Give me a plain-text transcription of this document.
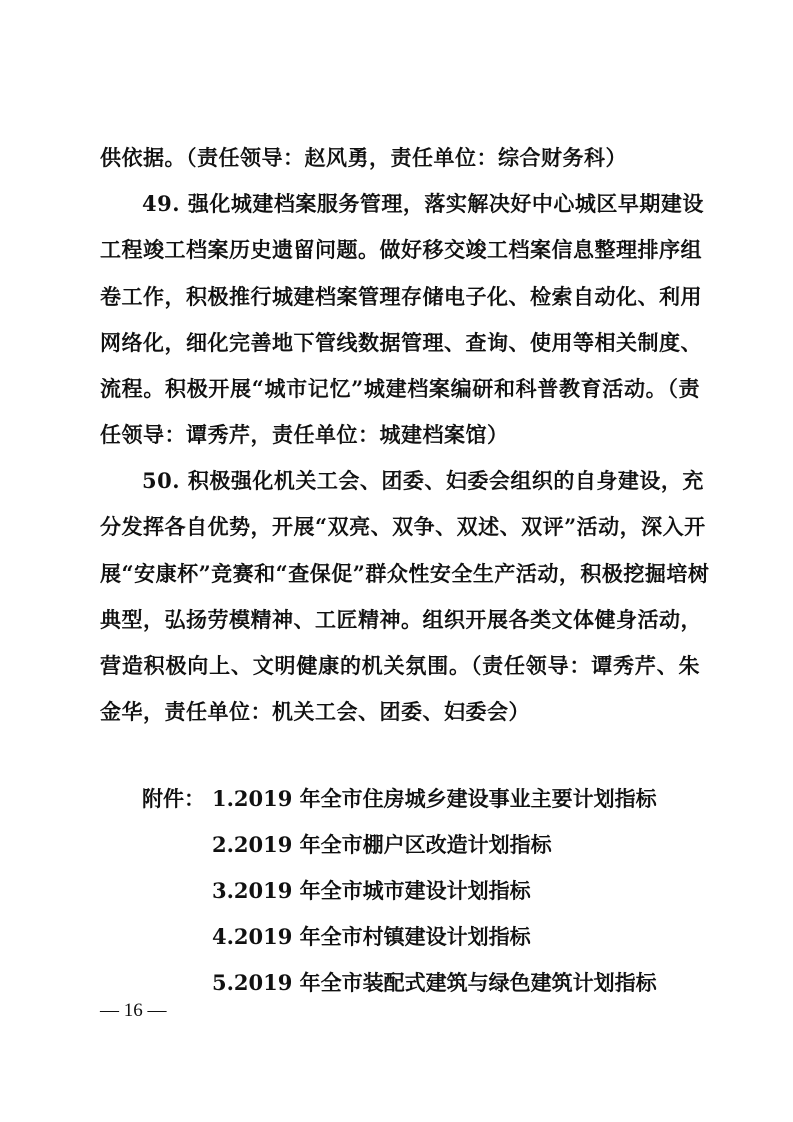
供依据。（责任领导：赵风勇，责任单位：综合财务科）
49. 强化城建档案服务管理，落实解决好中心城区早期建设
工程竣工档案历史遗留问题。做好移交竣工档案信息整理排序组
卷工作，积极推行城建档案管理存储电子化、检索自动化、利用
网络化，细化完善地下管线数据管理、查询、使用等相关制度、
流程。积极开展“城市记忆”城建档案编研和科普教育活动。（责
任领导：谭秀芹，责任单位：城建档案馆）
50. 积极强化机关工会、团委、妇委会组织的自身建设，充
分发挥各自优势，开展“双亮、双争、双述、双评”活动，深入开
展“安康杯”竞赛和“查保促”群众性安全生产活动，积极挖掘培树
典型，弘扬劳模精神、工匠精神。组织开展各类文体健身活动，
营造积极向上、文明健康的机关氛围。（责任领导：谭秀芹、朱
金华，责任单位：机关工会、团委、妇委会）
附件： 1.2019 年全市住房城乡建设事业主要计划指标
2.2019 年全市棚户区改造计划指标
3.2019 年全市城市建设计划指标
4.2019 年全市村镇建设计划指标
5.2019 年全市装配式建筑与绿色建筑计划指标
— 16 —
